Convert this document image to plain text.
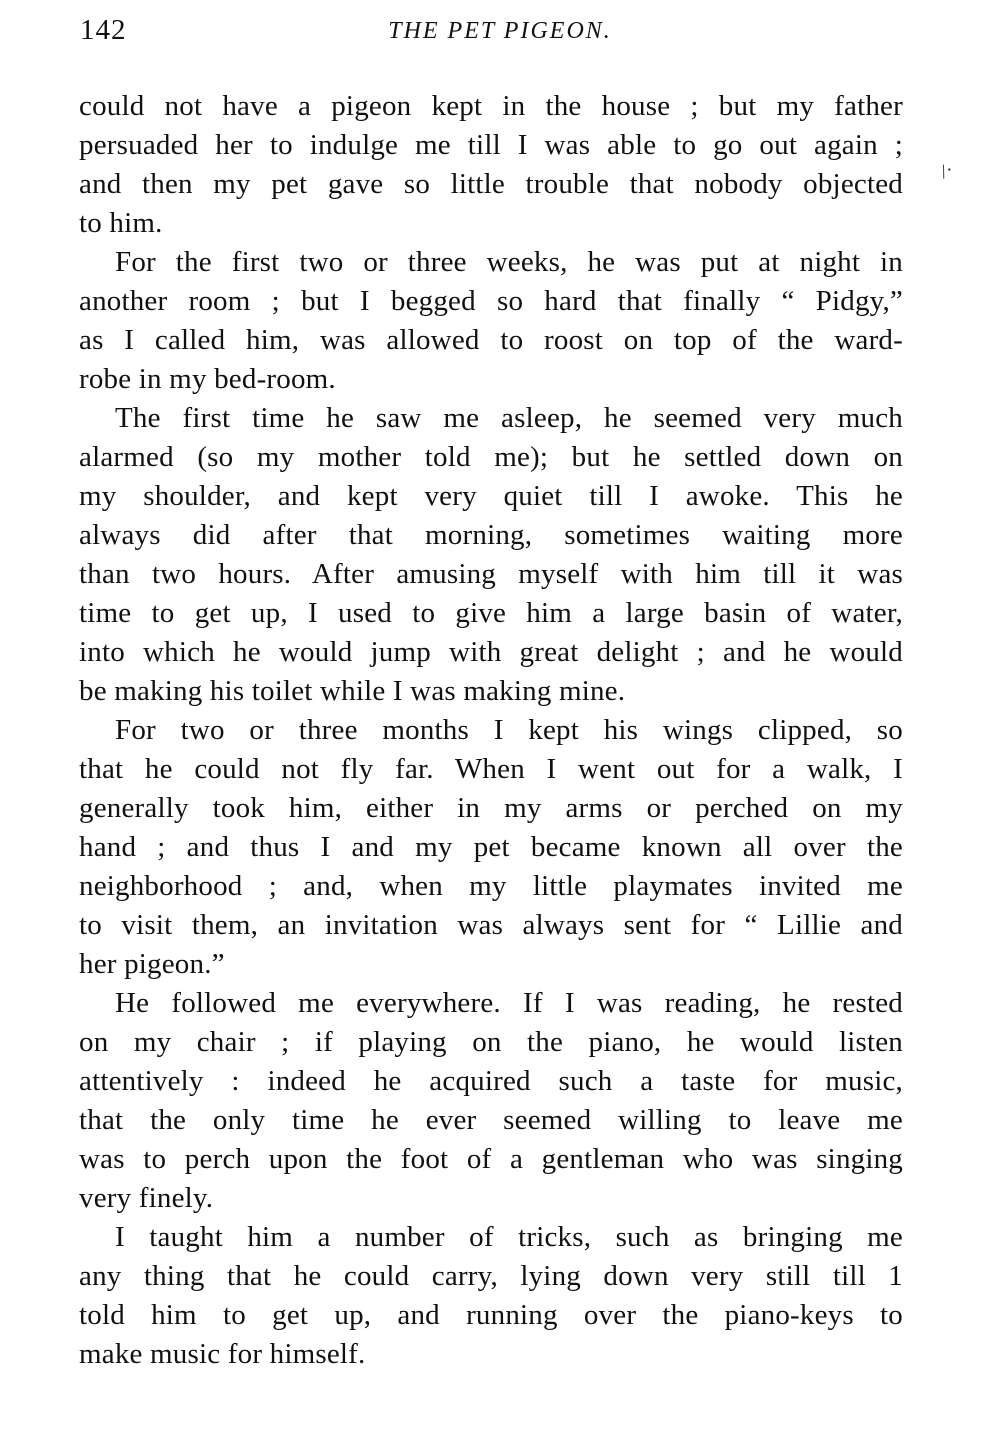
142	THE PET PIGEON.
/·

could not have a pigeon kept in the house ; but my father
persuaded her to indulge me till I was able to go out again ;
and then my pet gave so little trouble that nobody objected
to him.

For the first two or three weeks, he was put at night in
another room ; but I begged so hard that finally “ Pidgy,”
as I called him, was allowed to roost on top of the ward-
robe in my bed-room.

The first time he saw me asleep, he seemed very much
alarmed (so my mother told me); but he settled down on
my shoulder, and kept very quiet till I awoke. This he
always did after that morning, sometimes waiting more
than two hours. After amusing myself with him till it was
time to get up, I used to give him a large basin of water,
into which he would jump with great delight ; and he would
be making his toilet while I was making mine.

For two or three months I kept his wings clipped, so
that he could not fly far. When I went out for a walk, I
generally took him, either in my arms or perched on my
hand ; and thus I and my pet became known all over the
neighborhood ; and, when my little playmates invited me
to visit them, an invitation was always sent for “ Lillie and
her pigeon.”

He followed me everywhere. If I was reading, he rested
on my chair ; if playing on the piano, he would listen
attentively : indeed he acquired such a taste for music,
that the only time he ever seemed willing to leave me
was to perch upon the foot of a gentleman who was singing
very finely.

I taught him a number of tricks, such as bringing me
any thing that he could carry, lying down very still till 1
told him to get up, and running over the piano-keys to
make music for himself.
